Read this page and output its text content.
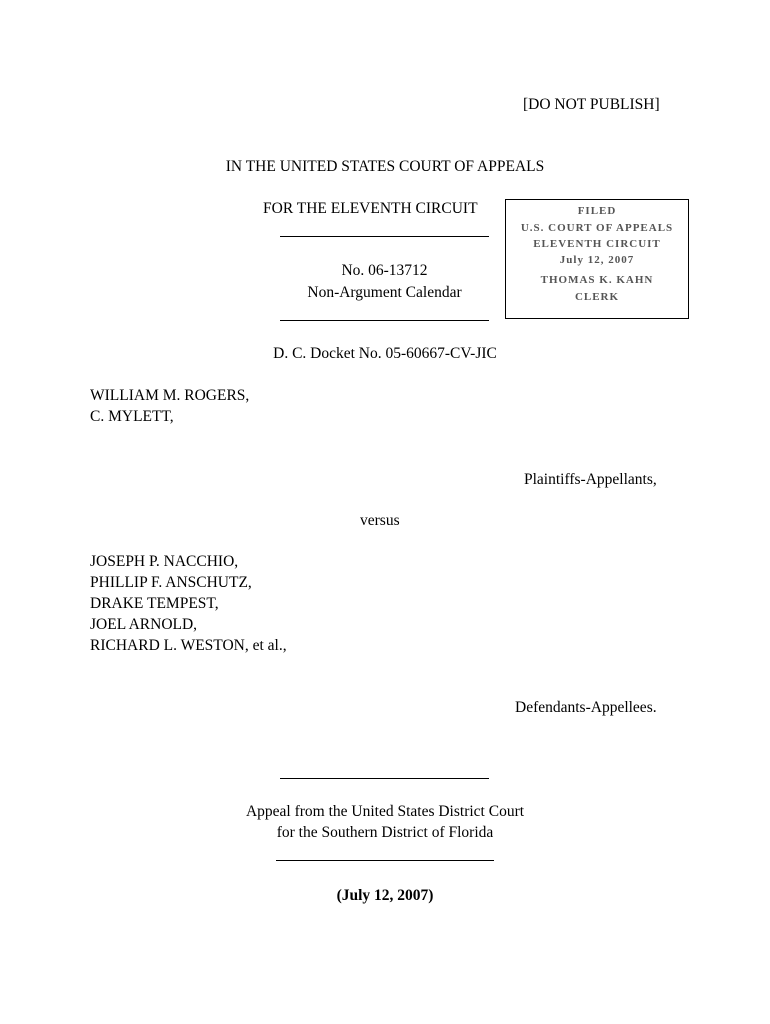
[DO NOT PUBLISH]
IN THE UNITED STATES COURT OF APPEALS
FOR THE ELEVENTH CIRCUIT	FILED
U.S. COURT OF APPEALS
ELEVENTH CIRCUIT
July 12, 2007
THOMAS K. KAHN
CLERK
No. 06-13712
Non-Argument Calendar
D. C. Docket No. 05-60667-CV-JIC
WILLIAM M. ROGERS,
C. MYLETT,
Plaintiffs-Appellants,
versus
JOSEPH P. NACCHIO,
PHILLIP F. ANSCHUTZ,
DRAKE TEMPEST,
JOEL ARNOLD,
RICHARD L. WESTON, et al.,
Defendants-Appellees.
Appeal from the United States District Court
for the Southern District of Florida
(July 12, 2007)
